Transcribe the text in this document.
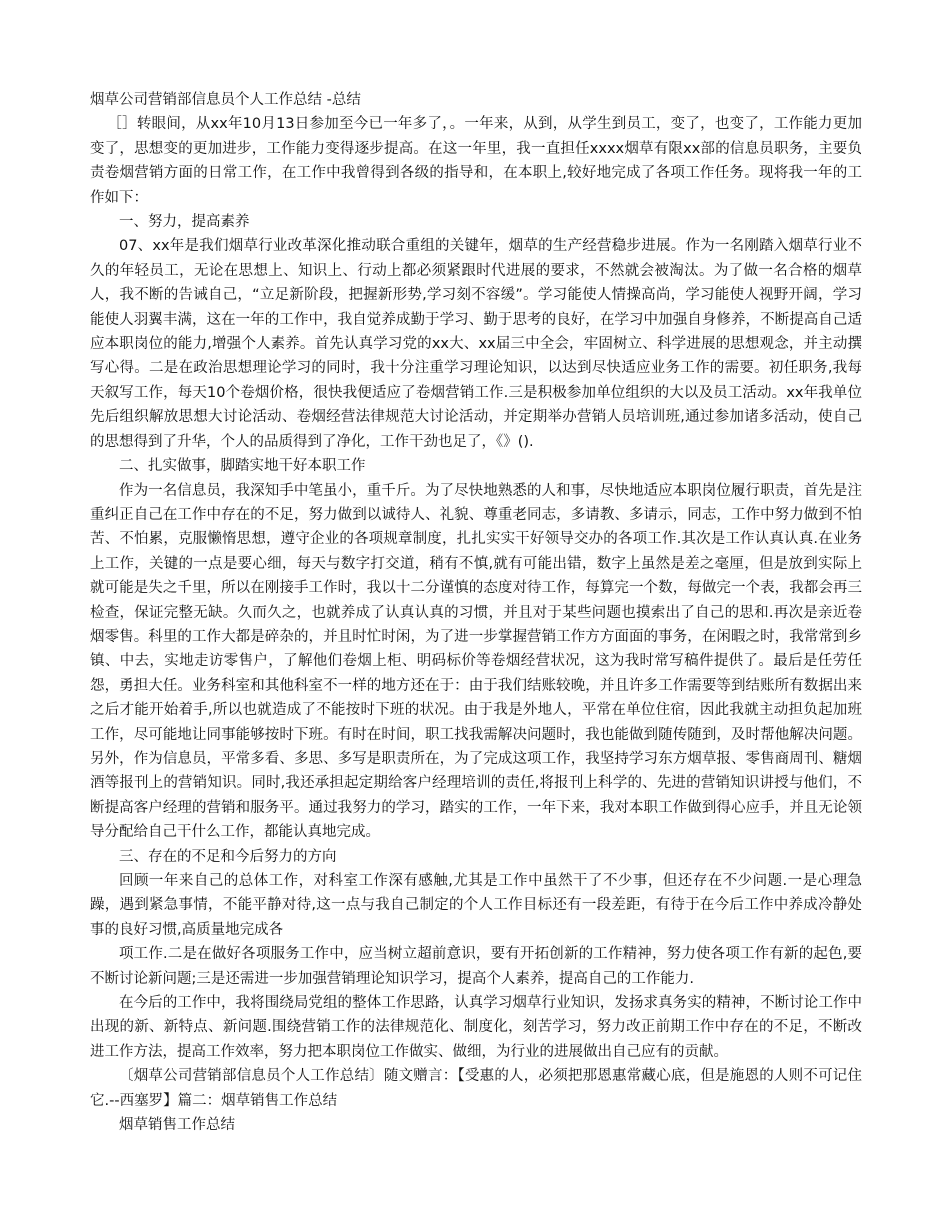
烟草公司营销部信息员个人工作总结 -总结

［］转眼间，从xx年10月13日参加至今已一年多了，。一年来，从到，从学生到员工，变了，也变了，工作能力更加变了，思想变的更加进步，工作能力变得逐步提高。在这一年里，我一直担任xxxx烟草有限xx部的信息员职务，主要负责卷烟营销方面的日常工作，在工作中我曾得到各级的指导和，在本职上,较好地完成了各项工作任务。现将我一年的工作如下：

一、努力，提高素养

07、xx年是我们烟草行业改革深化推动联合重组的关键年，烟草的生产经营稳步进展。作为一名刚踏入烟草行业不久的年轻员工，无论在思想上、知识上、行动上都必须紧跟时代进展的要求，不然就会被淘汰。为了做一名合格的烟草人，我不断的告诫自己，“立足新阶段，把握新形势,学习刻不容缓”。学习能使人情操高尚，学习能使人视野开阔，学习能使人羽翼丰满，这在一年的工作中，我自觉养成勤于学习、勤于思考的良好，在学习中加强自身修养，不断提高自己适应本职岗位的能力,增强个人素养。首先认真学习党的xx大、xx届三中全会，牢固树立、科学进展的思想观念，并主动撰写心得。二是在政治思想理论学习的同时，我十分注重学习理论知识，以达到尽快适应业务工作的需要。初任职务,我每天叙写工作，每天10个卷烟价格，很快我便适应了卷烟营销工作.三是积极参加单位组织的大以及员工活动。xx年我单位先后组织解放思想大讨论活动、卷烟经营法律规范大讨论活动，并定期举办营销人员培训班,通过参加诸多活动，使自己的思想得到了升华，个人的品质得到了净化，工作干劲也足了，《》().

二、扎实做事，脚踏实地干好本职工作

作为一名信息员，我深知手中笔虽小，重千斤。为了尽快地熟悉的人和事，尽快地适应本职岗位履行职责，首先是注重纠正自己在工作中存在的不足，努力做到以诚待人、礼貌、尊重老同志，多请教、多请示，同志，工作中努力做到不怕苦、不怕累，克服懒惰思想，遵守企业的各项规章制度，扎扎实实干好领导交办的各项工作.其次是工作认真认真.在业务上工作，关键的一点是要心细，每天与数字打交道，稍有不慎,就有可能出错，数字上虽然是差之毫厘，但是放到实际上就可能是失之千里，所以在刚接手工作时，我以十二分谨慎的态度对待工作，每算完一个数，每做完一个表，我都会再三检查，保证完整无缺。久而久之，也就养成了认真认真的习惯，并且对于某些问题也摸索出了自己的思和.再次是亲近卷烟零售。科里的工作大都是碎杂的，并且时忙时闲，为了进一步掌握营销工作方方面面的事务，在闲暇之时，我常常到乡镇、中去，实地走访零售户，了解他们卷烟上柜、明码标价等卷烟经营状况，这为我时常写稿件提供了。最后是任劳任怨，勇担大任。业务科室和其他科室不一样的地方还在于：由于我们结账较晚，并且许多工作需要等到结账所有数据出来之后才能开始着手,所以也就造成了不能按时下班的状况。由于我是外地人，平常在单位住宿，因此我就主动担负起加班工作，尽可能地让同事能够按时下班。有时在时间，职工找我需解决问题时，我也能做到随传随到，及时帮他解决问题。另外，作为信息员，平常多看、多思、多写是职责所在，为了完成这项工作，我坚持学习东方烟草报、零售商周刊、糖烟酒等报刊上的营销知识。同时,我还承担起定期给客户经理培训的责任,将报刊上科学的、先进的营销知识讲授与他们，不断提高客户经理的营销和服务平。通过我努力的学习，踏实的工作，一年下来，我对本职工作做到得心应手，并且无论领导分配给自己干什么工作，都能认真地完成。

三、存在的不足和今后努力的方向

回顾一年来自己的总体工作，对科室工作深有感触,尤其是工作中虽然干了不少事，但还存在不少问题.一是心理急躁，遇到紧急事情，不能平静对待,这一点与我自己制定的个人工作目标还有一段差距，有待于在今后工作中养成冷静处事的良好习惯,高质量地完成各

项工作.二是在做好各项服务工作中，应当树立超前意识，要有开拓创新的工作精神，努力使各项工作有新的起色,要不断讨论新问题;三是还需进一步加强营销理论知识学习，提高个人素养，提高自己的工作能力.

在今后的工作中，我将围绕局党组的整体工作思路，认真学习烟草行业知识，发扬求真务实的精神，不断讨论工作中出现的新、新特点、新问题.围绕营销工作的法律规范化、制度化，刻苦学习，努力改正前期工作中存在的不足，不断改进工作方法，提高工作效率，努力把本职岗位工作做实、做细，为行业的进展做出自己应有的贡献。

〔烟草公司营销部信息员个人工作总结〕随文赠言：【受惠的人，必须把那恩惠常藏心底，但是施恩的人则不可记住它.--西塞罗】篇二：烟草销售工作总结

烟草销售工作总结
